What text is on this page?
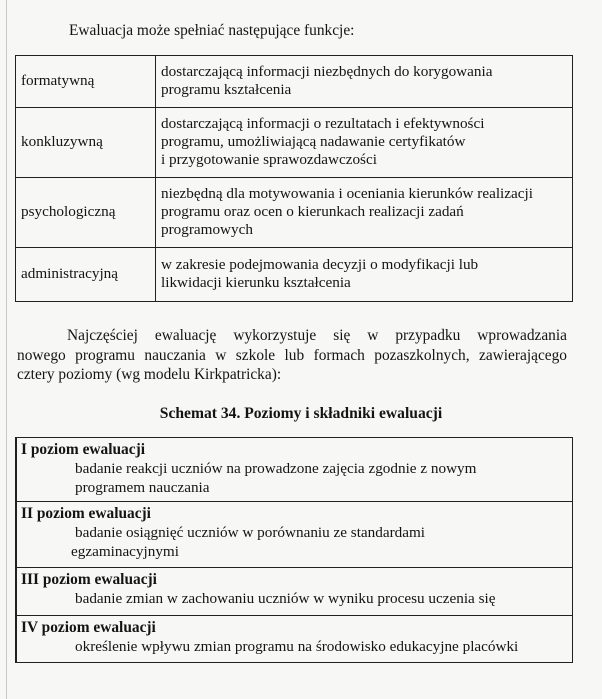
Ewaluacja może spełniać następujące funkcje:

formatywną	dostarczającą informacji niezbędnych do korygowania
programu kształcenia

konkluzywną	dostarczającą informacji o rezultatach i efektywności
programu, umożliwiającą nadawanie certyfikatów
i przygotowanie sprawozdawczości

psychologiczną	niezbędną dla motywowania i oceniania kierunków realizacji
programu oraz ocen o kierunkach realizacji zadań
programowych

administracyjną	w zakresie podejmowania decyzji o modyfikacji lub
likwidacji kierunku kształcenia
Najczęściej ewaluację wykorzystuje się w przypadku wprowadzania
nowego programu nauczania w szkole lub formach pozaszkolnych, zawierającego
cztery poziomy (wg modelu Kirkpatricka):

Schemat 34. Poziomy i składniki ewaluacji

I poziom ewaluacji
badanie reakcji uczniów na prowadzone zajęcia zgodnie z nowym
programem nauczania
II poziom ewaluacji
badanie osiągnięć uczniów w porównaniu ze standardami
egzaminacyjnymi
III poziom ewaluacji
badanie zmian w zachowaniu uczniów w wyniku procesu uczenia się
IV poziom ewaluacji
określenie wpływu zmian programu na środowisko edukacyjne placówki
